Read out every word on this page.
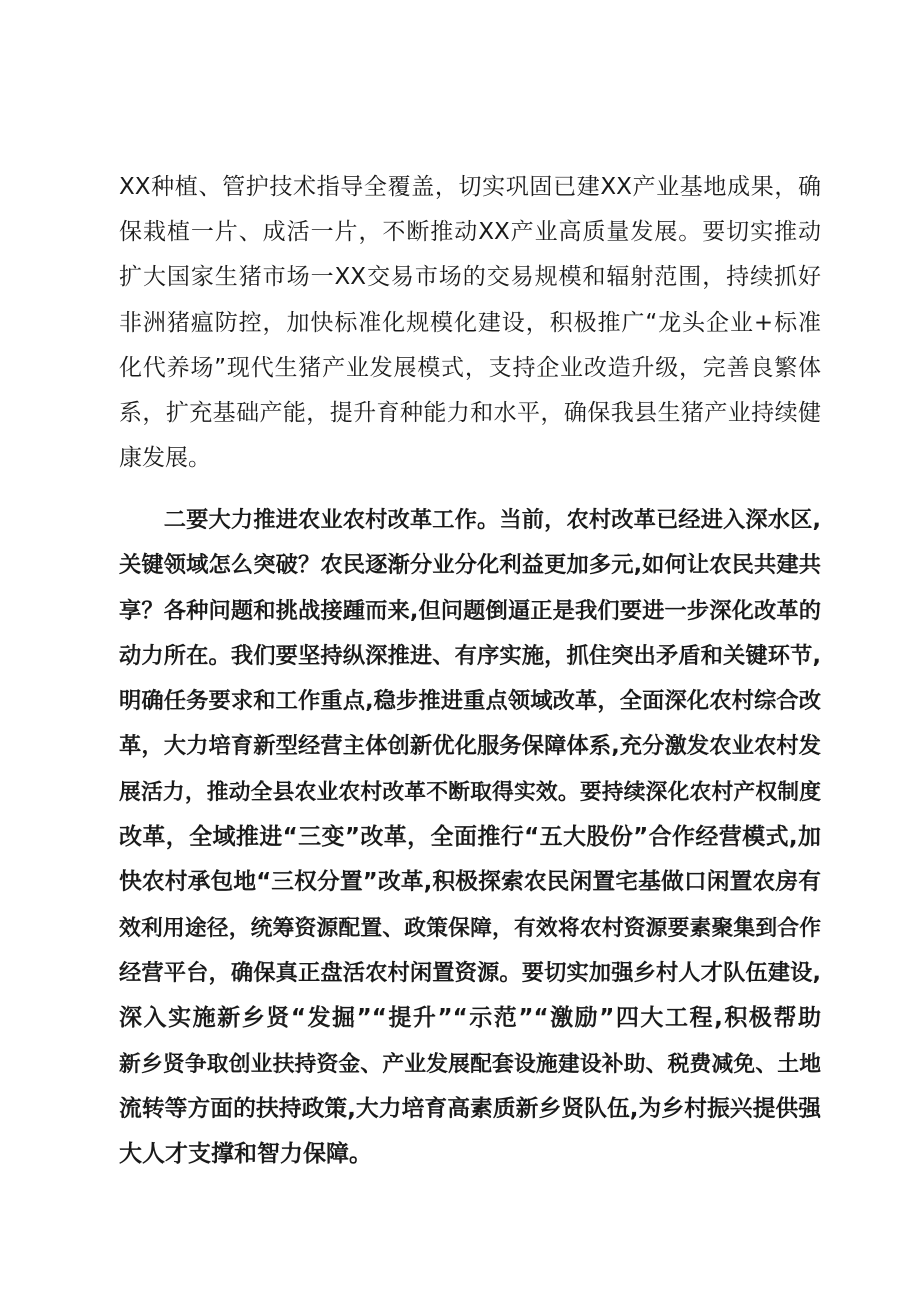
XX种植、管护技术指导全覆盖，切实巩固已建XX产业基地成果，确
保栽植一片、成活一片，不断推动XX产业高质量发展。要切实推动
扩大国家生猪市场一XX交易市场的交易规模和辐射范围，持续抓好
非洲猪瘟防控，加快标准化规模化建设，积极推广“龙头企业+标准
化代养场”现代生猪产业发展模式，支持企业改造升级，完善良繁体
系，扩充基础产能，提升育种能力和水平，确保我县生猪产业持续健
康发展。
　　二要大力推进农业农村改革工作。当前，农村改革已经进入深水区,
关键领域怎么突破？农民逐渐分业分化利益更加多元,如何让农民共建共
享？各种问题和挑战接踵而来,但问题倒逼正是我们要进一步深化改革的
动力所在。我们要坚持纵深推进、有序实施，抓住突出矛盾和关键环节,
明确任务要求和工作重点,稳步推进重点领域改革，全面深化农村综合改
革，大力培育新型经营主体创新优化服务保障体系,充分激发农业农村发
展活力，推动全县农业农村改革不断取得实效。要持续深化农村产权制度
改革，全域推进“三变”改革，全面推行“五大股份”合作经营模式,加
快农村承包地“三权分置”改革,积极探索农民闲置宅基做口闲置农房有
效利用途径，统筹资源配置、政策保障，有效将农村资源要素聚集到合作
经营平台，确保真正盘活农村闲置资源。要切实加强乡村人才队伍建设,
深入实施新乡贤“发掘”“提升”“示范”“激励”四大工程,积极帮助
新乡贤争取创业扶持资金、产业发展配套设施建设补助、税费减免、土地
流转等方面的扶持政策,大力培育高素质新乡贤队伍,为乡村振兴提供强
大人才支撑和智力保障。
